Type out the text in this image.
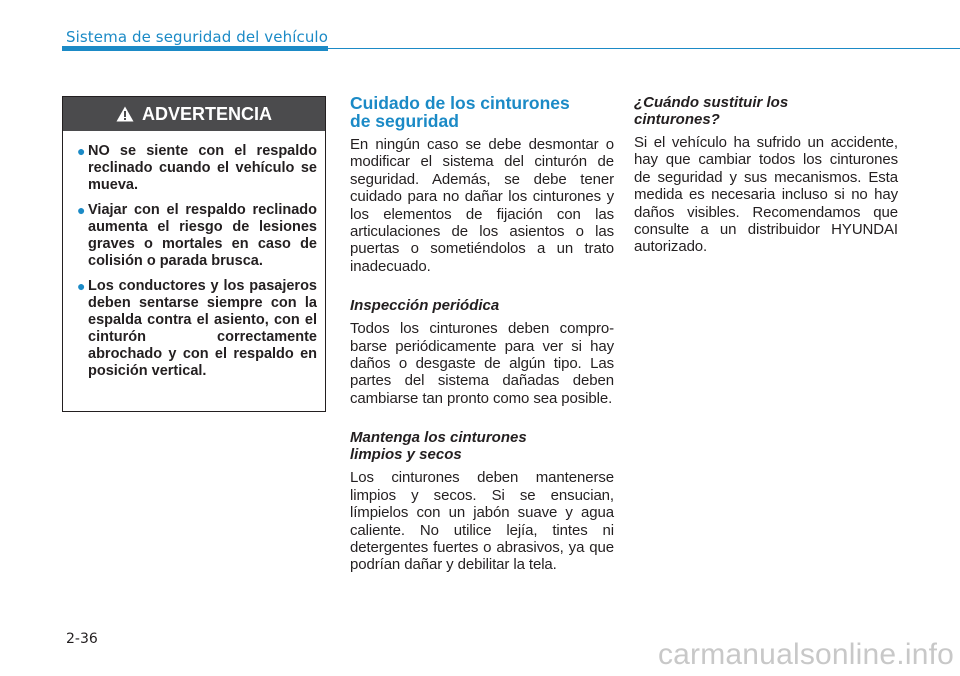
Sistema de seguridad del vehículo
ADVERTENCIA
● NO se siente con el respaldo reclinado cuando el vehículo se mueva.
● Viajar con el respaldo reclinado aumenta el riesgo de lesiones graves o mortales en caso de colisión o parada brusca.
● Los conductores y los pasajeros deben sentarse siempre con la espalda contra el asiento, con el cinturón correctamente abrochado y con el respaldo en posición vertical.
Cuidado de los cinturones
de seguridad

En ningún caso se debe desmontar o modificar el sistema del cinturón de seguridad. Además, se debe tener cuidado para no dañar los cinturones y los elementos de fijación con las articulaciones de los asientos o las puertas o sometiéndolos a un trato inadecuado.

Inspección periódica

Todos los cinturones deben compro-barse periódicamente para ver si hay daños o desgaste de algún tipo. Las partes del sistema dañadas deben cambiarse tan pronto como sea posible.

Mantenga los cinturones
limpios y secos

Los cinturones deben mantenerse limpios y secos. Si se ensucian, límpielos con un jabón suave y agua caliente. No utilice lejía, tintes ni detergentes fuertes o abrasivos, ya que podrían dañar y debilitar la tela.

¿Cuándo sustituir los
cinturones?

Si el vehículo ha sufrido un accidente, hay que cambiar todos los cinturones de seguridad y sus mecanismos. Esta medida es necesaria incluso si no hay daños visibles. Recomendamos que consulte a un distribuidor HYUNDAI autorizado.

2-36	carmanualsonline.info
